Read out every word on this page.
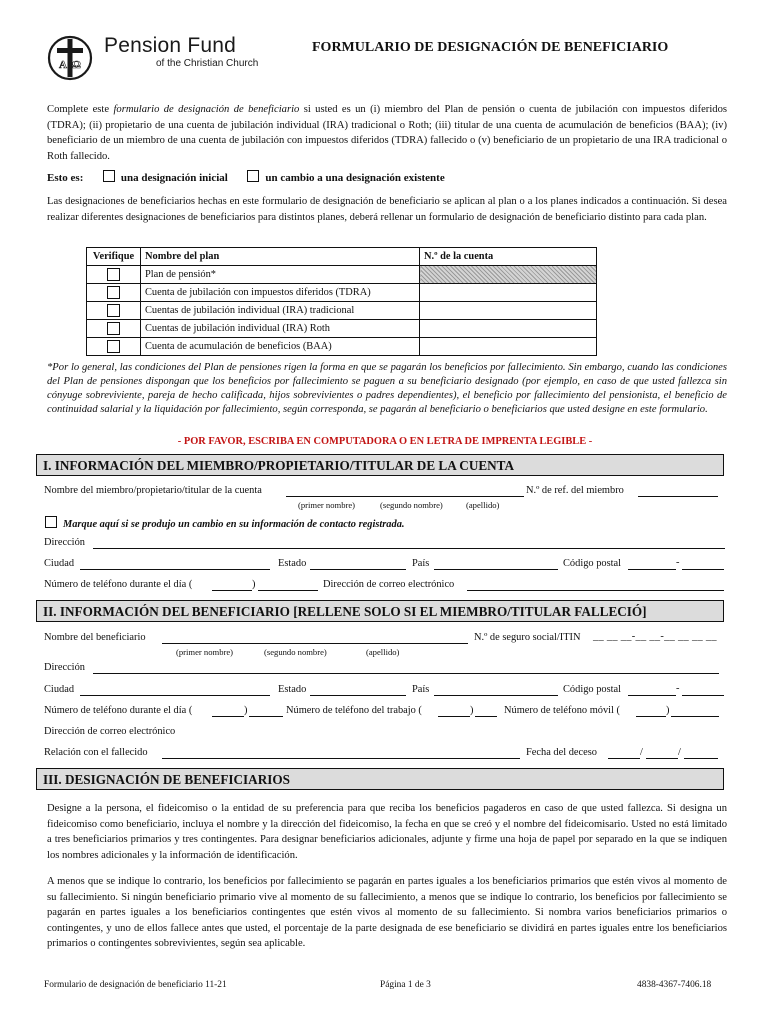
A Ω
Pension Fund
of the Christian Church
FORMULARIO DE DESIGNACIÓN DE BENEFICIARIO
Complete este formulario de designación de beneficiario si usted es un (i) miembro del Plan de pensión o cuenta de jubilación con impuestos diferidos (TDRA); (ii) propietario de una cuenta de jubilación individual (IRA) tradicional o Roth; (iii) titular de una cuenta de acumulación de beneficios (BAA); (iv) beneficiario de un miembro de una cuenta de jubilación con impuestos diferidos (TDRA) fallecido o (v) beneficiario de un propietario de una IRA tradicional o Roth fallecido.
Esto es:	una designación inicial	un cambio a una designación existente
Las designaciones de beneficiarios hechas en este formulario de designación de beneficiario se aplican al plan o a los planes indicados a continuación. Si desea realizar diferentes designaciones de beneficiarios para distintos planes, deberá rellenar un formulario de designación de beneficiario distinto para cada plan.
Verifique	Nombre del plan	N.º de la cuenta
	Plan de pensión*	
	Cuenta de jubilación con impuestos diferidos (TDRA)	
	Cuentas de jubilación individual (IRA) tradicional	
	Cuentas de jubilación individual (IRA) Roth	
	Cuenta de acumulación de beneficios (BAA)	
*Por lo general, las condiciones del Plan de pensiones rigen la forma en que se pagarán los beneficios por fallecimiento. Sin embargo, cuando las condiciones del Plan de pensiones dispongan que los beneficios por fallecimiento se paguen a su beneficiario designado (por ejemplo, en caso de que usted fallezca sin cónyuge sobreviviente, pareja de hecho calificada, hijos sobrevivientes o padres dependientes), el beneficio por fallecimiento del pensionista, el beneficio de continuidad salarial y la liquidación por fallecimiento, según corresponda, se pagarán al beneficiario o beneficiarios que usted designe en este formulario.
- POR FAVOR, ESCRIBA EN COMPUTADORA O EN LETRA DE IMPRENTA LEGIBLE -
I. INFORMACIÓN DEL MIEMBRO/PROPIETARIO/TITULAR DE LA CUENTA
Nombre del miembro/propietario/titular de la cuenta	N.º de ref. del miembro
(primer nombre)	(segundo nombre)	(apellido)
Marque aquí si se produjo un cambio en su información de contacto registrada.
Dirección
Ciudad	Estado	País	Código postal	-
Número de teléfono durante el día (	)	Dirección de correo electrónico
II. INFORMACIÓN DEL BENEFICIARIO [RELLENE SOLO SI EL MIEMBRO/TITULAR FALLECIÓ]
Nombre del beneficiario	N.º de seguro social/ITIN __ __ __-__ __-__ __ __ __
(primer nombre)	(segundo nombre)	(apellido)
Dirección
Ciudad	Estado	País	Código postal	-
Número de teléfono durante el día (	)	Número de teléfono del trabajo (	)	Número de teléfono móvil (	)
Dirección de correo electrónico
Relación con el fallecido	Fecha del deceso	/	/
III. DESIGNACIÓN DE BENEFICIARIOS
Designe a la persona, el fideicomiso o la entidad de su preferencia para que reciba los beneficios pagaderos en caso de que usted fallezca. Si designa un fideicomiso como beneficiario, incluya el nombre y la dirección del fideicomiso, la fecha en que se creó y el nombre del fideicomisario. Usted no está limitado a tres beneficiarios primarios y tres contingentes. Para designar beneficiarios adicionales, adjunte y firme una hoja de papel por separado en la que se indiquen los nombres adicionales y la información de identificación.
A menos que se indique lo contrario, los beneficios por fallecimiento se pagarán en partes iguales a los beneficiarios primarios que estén vivos al momento de su fallecimiento. Si ningún beneficiario primario vive al momento de su fallecimiento, a menos que se indique lo contrario, los beneficios por fallecimiento se pagarán en partes iguales a los beneficiarios contingentes que estén vivos al momento de su fallecimiento. Si nombra varios beneficiarios primarios o contingentes, y uno de ellos fallece antes que usted, el porcentaje de la parte designada de ese beneficiario se dividirá en partes iguales entre los beneficiarios primarios o contingentes sobrevivientes, según sea aplicable.
Formulario de designación de beneficiario 11-21	Página 1 de 3	4838-4367-7406.18
